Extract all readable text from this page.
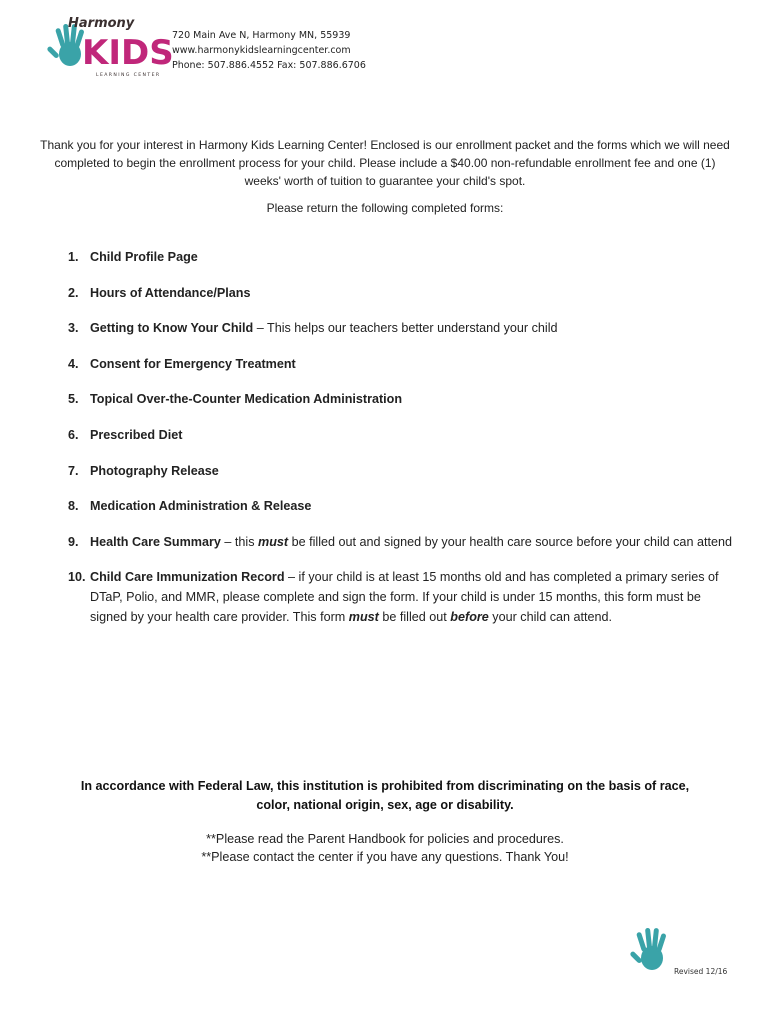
Harmony
KIDS
LEARNING CENTER
720 Main Ave N, Harmony MN, 55939
www.harmonykidslearningcenter.com
Phone: 507.886.4552 Fax: 507.886.6706
Thank you for your interest in Harmony Kids Learning Center! Enclosed is our enrollment packet and the forms which we will need completed to begin the enrollment process for your child. Please include a $40.00 non-refundable enrollment fee and one (1) weeks' worth of tuition to guarantee your child's spot.
Please return the following completed forms:
1. Child Profile Page
2. Hours of Attendance/Plans
3. Getting to Know Your Child – This helps our teachers better understand your child
4. Consent for Emergency Treatment
5. Topical Over-the-Counter Medication Administration
6. Prescribed Diet
7. Photography Release
8. Medication Administration & Release
9. Health Care Summary – this must be filled out and signed by your health care source before your child can attend
10. Child Care Immunization Record – if your child is at least 15 months old and has completed a primary series of DTaP, Polio, and MMR, please complete and sign the form. If your child is under 15 months, this form must be signed by your health care provider. This form must be filled out before your child can attend.
In accordance with Federal Law, this institution is prohibited from discriminating on the basis of race,
color, national origin, sex, age or disability.
**Please read the Parent Handbook for policies and procedures.
**Please contact the center if you have any questions. Thank You!
Revised 12/16
